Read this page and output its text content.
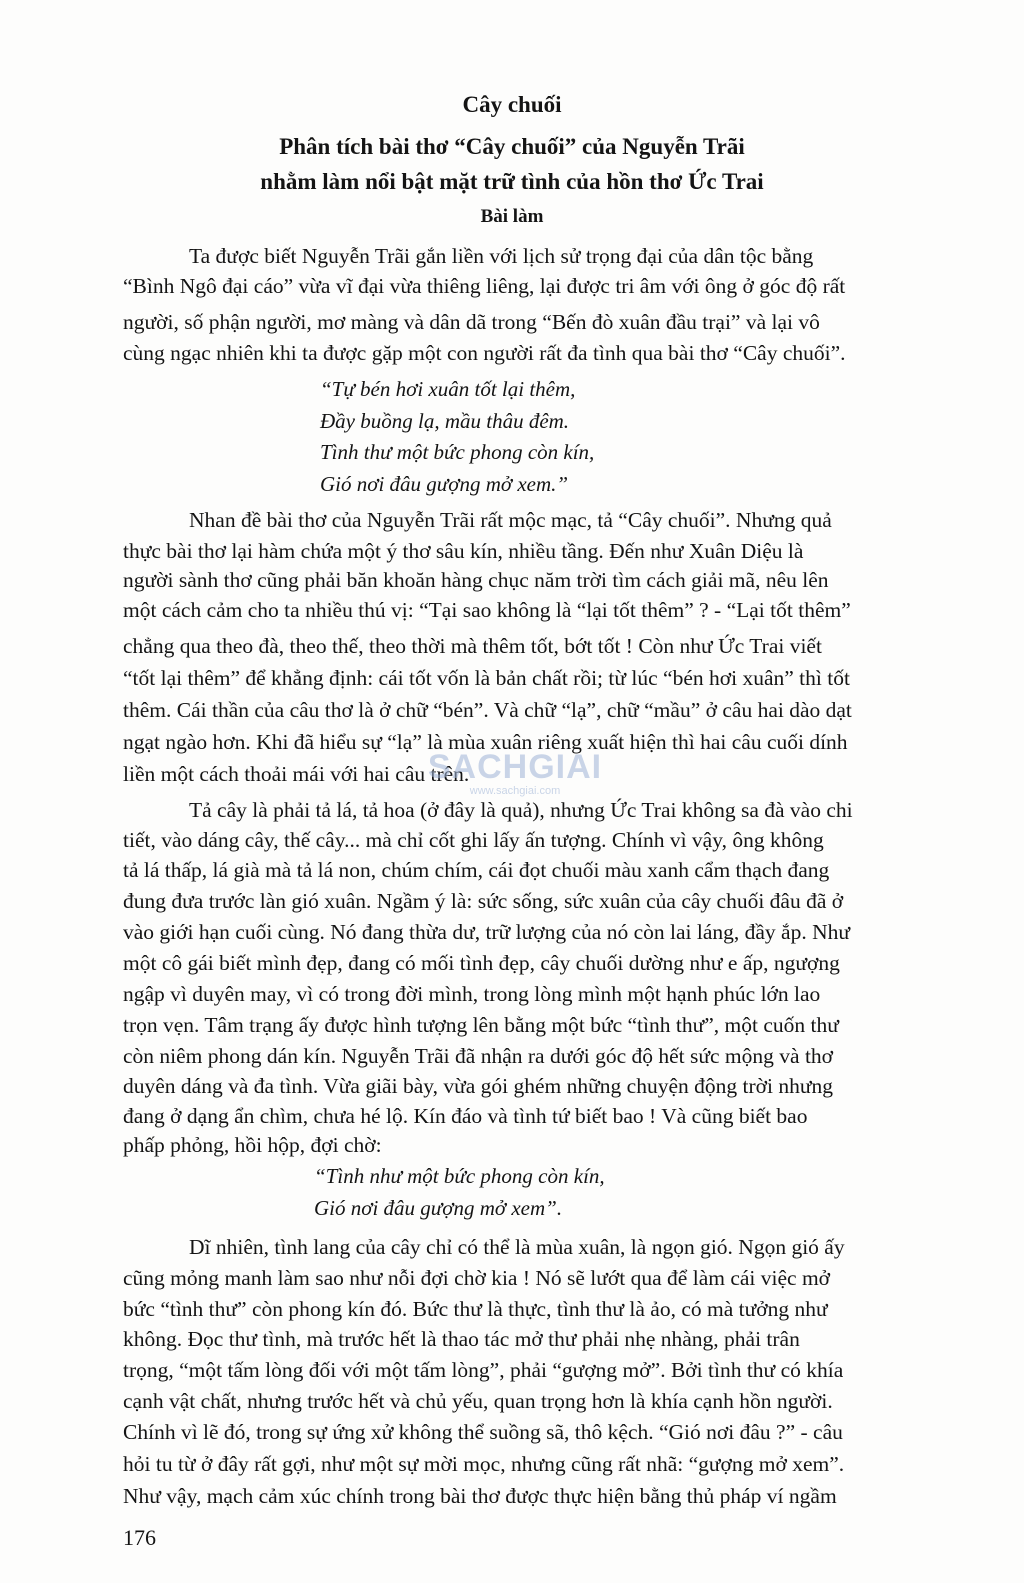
Cây chuối
Phân tích bài thơ “Cây chuối” của Nguyễn Trãi
nhằm làm nổi bật mặt trữ tình của hồn thơ Ức Trai
Bài làm
Ta được biết Nguyễn Trãi gắn liền với lịch sử trọng đại của dân tộc bằng
“Bình Ngô đại cáo” vừa vĩ đại vừa thiêng liêng, lại được tri âm với ông ở góc độ rất
người, số phận người, mơ màng và dân dã trong “Bến đò xuân đầu trại” và lại vô
cùng ngạc nhiên khi ta được gặp một con người rất đa tình qua bài thơ “Cây chuối”.
“Tự bén hơi xuân tốt lại thêm,
Đầy buồng lạ, mầu thâu đêm.
Tình thư một bức phong còn kín,
Gió nơi đâu gượng mở xem.”
Nhan đề bài thơ của Nguyễn Trãi rất mộc mạc, tả “Cây chuối”. Nhưng quả
thực bài thơ lại hàm chứa một ý thơ sâu kín, nhiều tầng. Đến như Xuân Diệu là
người sành thơ cũng phải băn khoăn hàng chục năm trời tìm cách giải mã, nêu lên
một cách cảm cho ta nhiều thú vị: “Tại sao không là “lại tốt thêm” ? - “Lại tốt thêm”
chẳng qua theo đà, theo thế, theo thời mà thêm tốt, bớt tốt ! Còn như Ức Trai viết
“tốt lại thêm” để khẳng định: cái tốt vốn là bản chất rồi; từ lúc “bén hơi xuân” thì tốt
thêm. Cái thần của câu thơ là ở chữ “bén”. Và chữ “lạ”, chữ “mầu” ở câu hai dào dạt
ngạt ngào hơn. Khi đã hiểu sự “lạ” là mùa xuân riêng xuất hiện thì hai câu cuối dính
liền một cách thoải mái với hai câu trên.
Tả cây là phải tả lá, tả hoa (ở đây là quả), nhưng Ức Trai không sa đà vào chi
tiết, vào dáng cây, thế cây... mà chỉ cốt ghi lấy ấn tượng. Chính vì vậy, ông không
tả lá thấp, lá già mà tả lá non, chúm chím, cái đọt chuối màu xanh cẩm thạch đang
đung đưa trước làn gió xuân. Ngầm ý là: sức sống, sức xuân của cây chuối đâu đã ở
vào giới hạn cuối cùng. Nó đang thừa dư, trữ lượng của nó còn lai láng, đầy ắp. Như
một cô gái biết mình đẹp, đang có mối tình đẹp, cây chuối dường như e ấp, ngượng
ngập vì duyên may, vì có trong đời mình, trong lòng mình một hạnh phúc lớn lao
trọn vẹn. Tâm trạng ấy được hình tượng lên bằng một bức “tình thư”, một cuốn thư
còn niêm phong dán kín. Nguyễn Trãi đã nhận ra dưới góc độ hết sức mộng và thơ
duyên dáng và đa tình. Vừa giãi bày, vừa gói ghém những chuyện động trời nhưng
đang ở dạng ẩn chìm, chưa hé lộ. Kín đáo và tình tứ biết bao ! Và cũng biết bao
phấp phỏng, hồi hộp, đợi chờ:
“Tình như một bức phong còn kín,
Gió nơi đâu gượng mở xem”.
Dĩ nhiên, tình lang của cây chỉ có thể là mùa xuân, là ngọn gió. Ngọn gió ấy
cũng mỏng manh làm sao như nỗi đợi chờ kia ! Nó sẽ lướt qua để làm cái việc mở
bức “tình thư” còn phong kín đó. Bức thư là thực, tình thư là ảo, có mà tưởng như
không. Đọc thư tình, mà trước hết là thao tác mở thư phải nhẹ nhàng, phải trân
trọng, “một tấm lòng đối với một tấm lòng”, phải “gượng mở”. Bởi tình thư có khía
cạnh vật chất, nhưng trước hết và chủ yếu, quan trọng hơn là khía cạnh hồn người.
Chính vì lẽ đó, trong sự ứng xử không thể suồng sã, thô kệch. “Gió nơi đâu ?” - câu
hỏi tu từ ở đây rất gợi, như một sự mời mọc, nhưng cũng rất nhã: “gượng mở xem”.
Như vậy, mạch cảm xúc chính trong bài thơ được thực hiện bằng thủ pháp ví ngầm
SACHGIAI
www.sachgiai.com
176
